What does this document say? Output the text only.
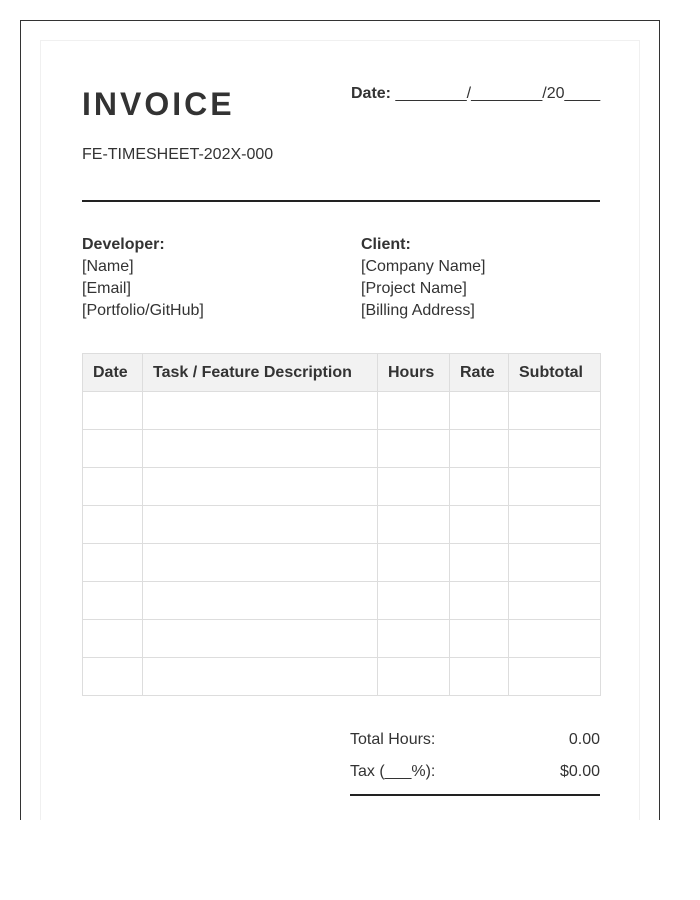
INVOICE	Date: ________/________/20____
FE-TIMESHEET-202X-000
Developer:
[Name]
[Email]
[Portfolio/GitHub]
Client:
[Company Name]
[Project Name]
[Billing Address]
Date	Task / Feature Description	Hours	Rate	Subtotal

Total Hours:	0.00
Tax (___%):	$0.00
